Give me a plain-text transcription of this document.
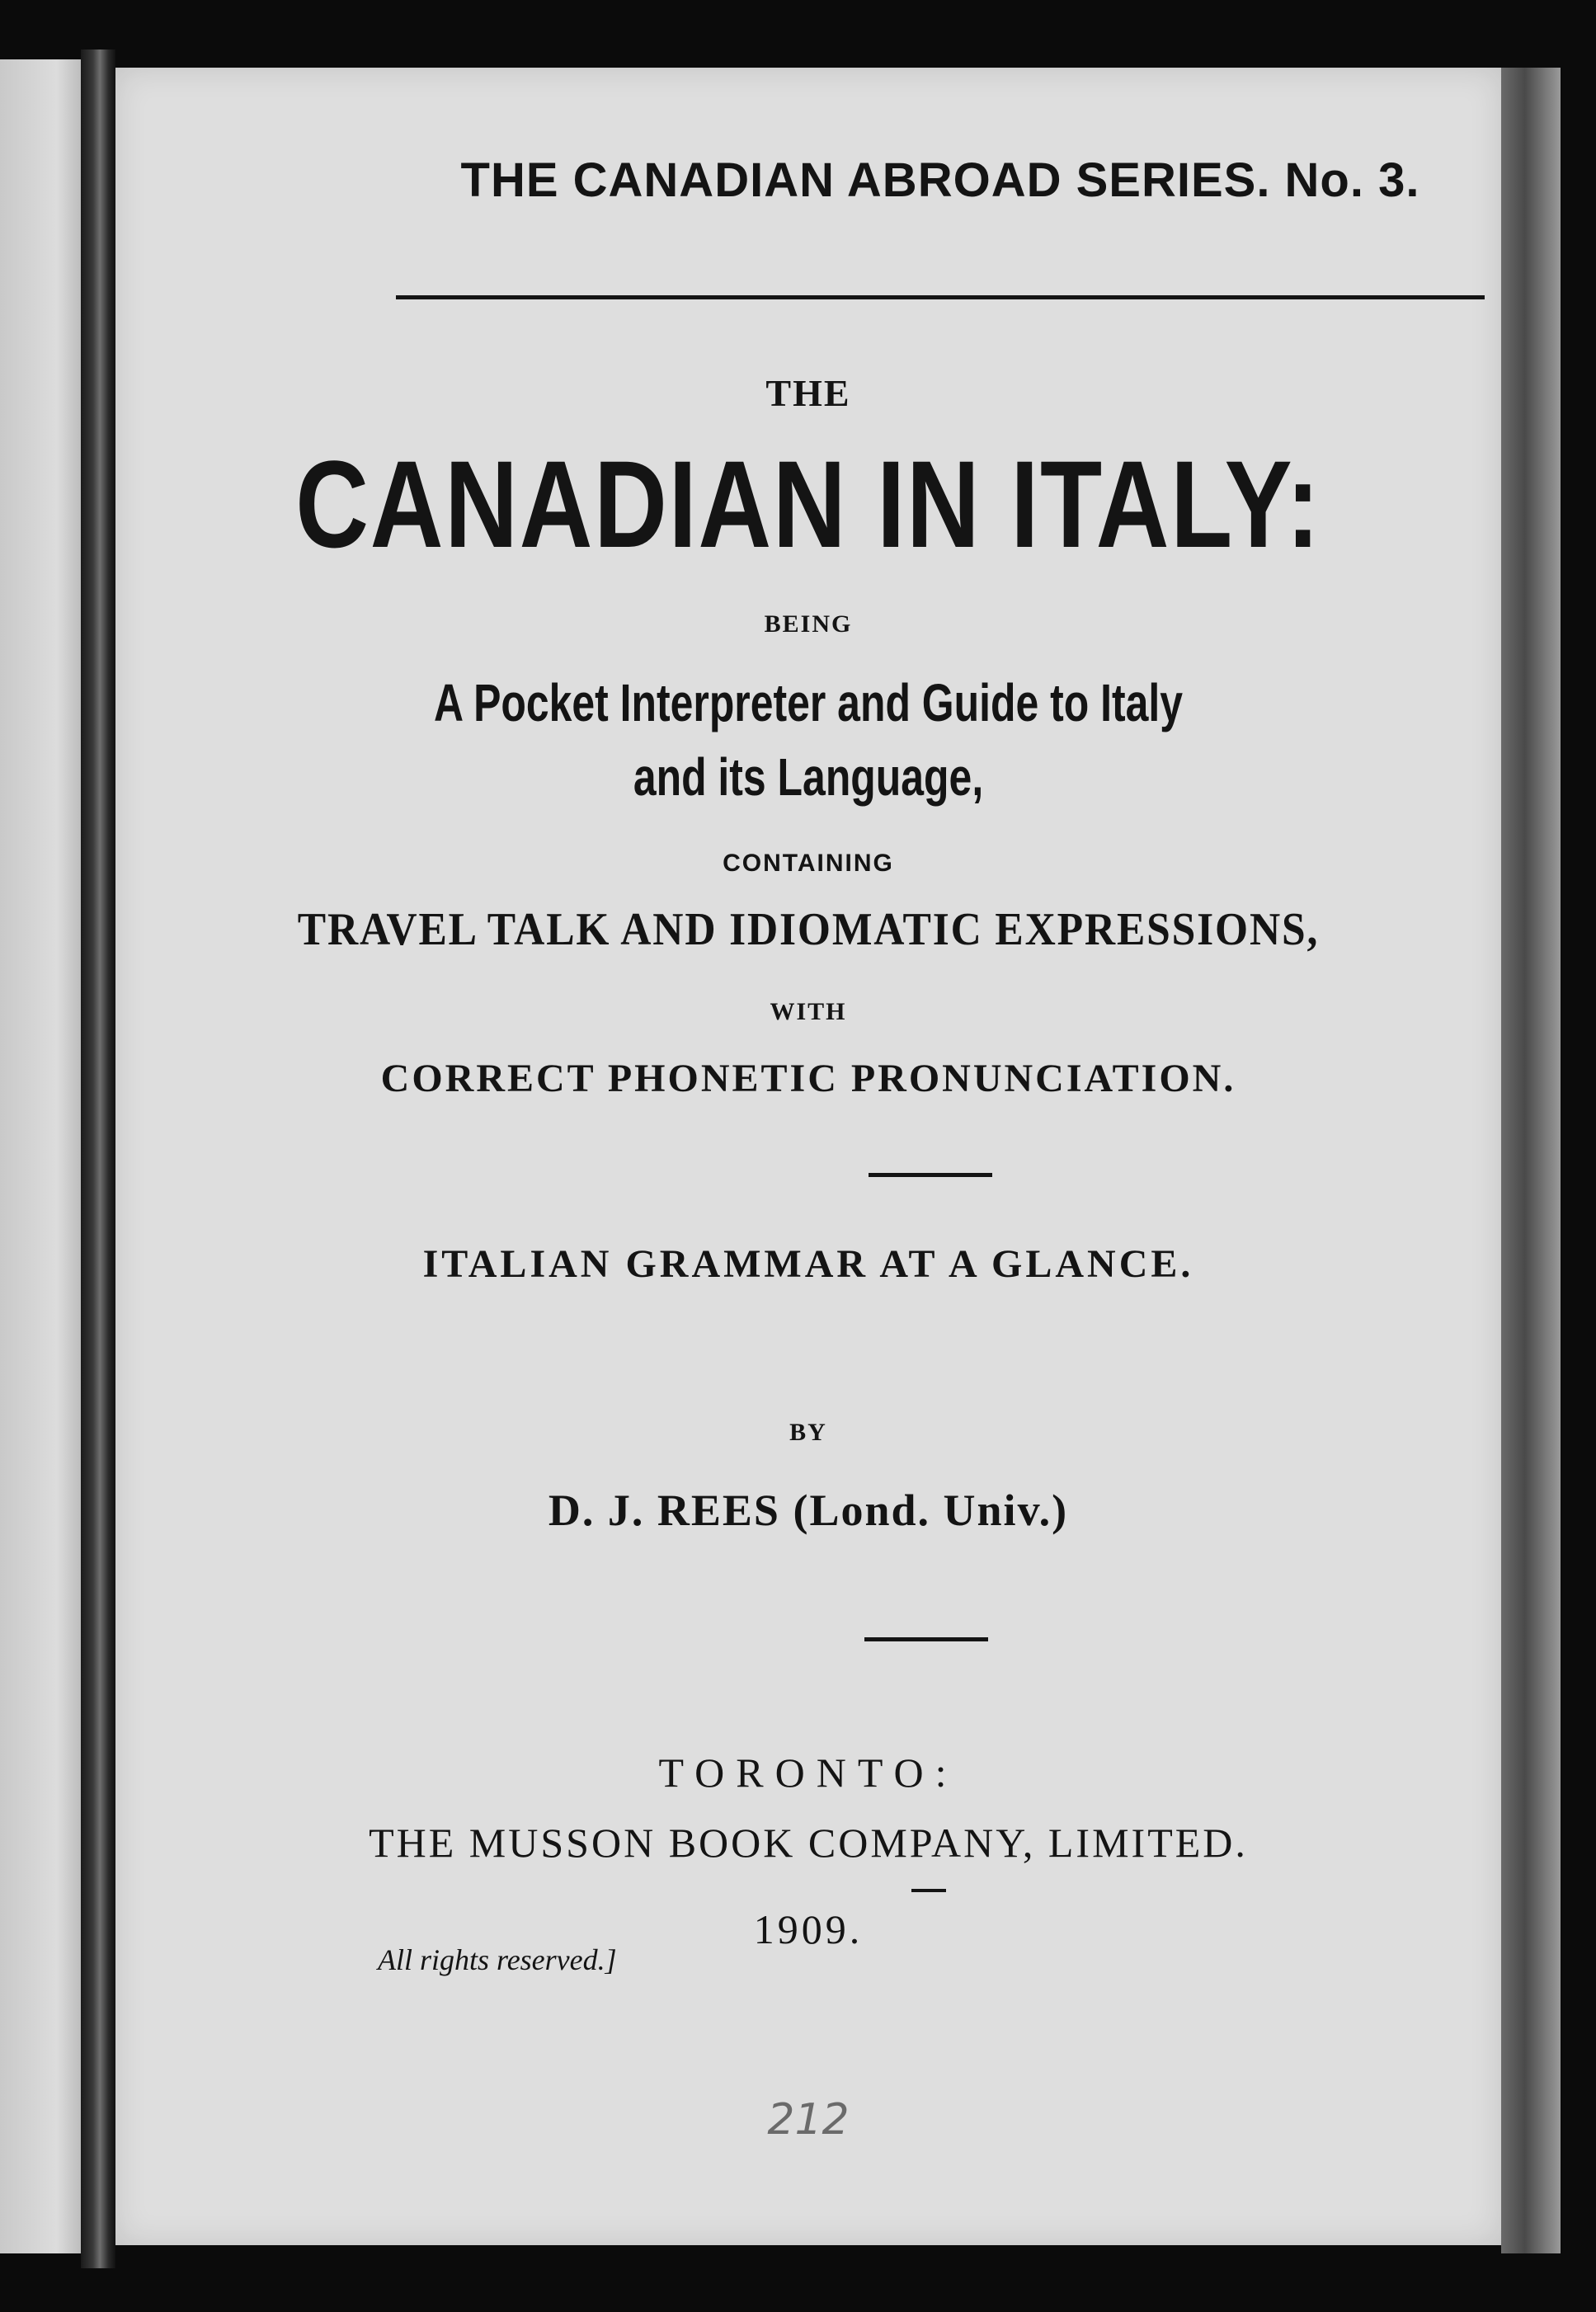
THE CANADIAN ABROAD SERIES. No. 3.
THE
CANADIAN IN ITALY:
BEING
A Pocket Interpreter and Guide to Italy
and its Language,
CONTAINING
TRAVEL TALK AND IDIOMATIC EXPRESSIONS,
WITH
CORRECT PHONETIC PRONUNCIATION.
ITALIAN GRAMMAR AT A GLANCE.
BY
D. J. REES (Lond. Univ.)
TORONTO:
THE MUSSON BOOK COMPANY, LIMITED.
1909.
All rights reserved.]
212
